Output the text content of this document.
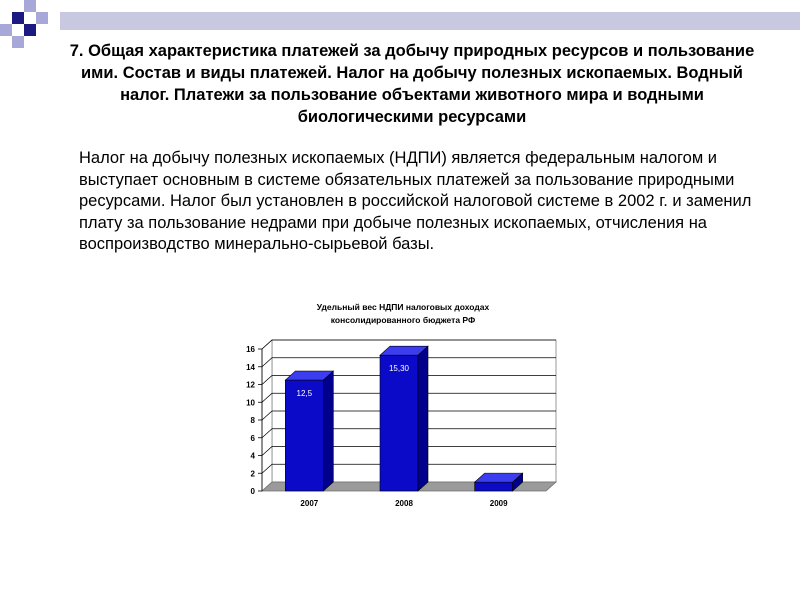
7. Общая характеристика платежей за добычу природных ресурсов и пользование ими. Состав и виды платежей. Налог на добычу полезных ископаемых. Водный налог. Платежи за пользование объектами животного мира и водными биологическими ресурсами

Налог на добычу полезных ископаемых (НДПИ) является федеральным налогом и выступает основным в системе обязательных платежей за пользование природными ресурсами. Налог был установлен в российской налоговой системе в 2002 г. и заменил плату за пользование недрами при добыче полезных ископаемых, отчисления на воспроизводство минерально-сырьевой базы.

Удельный вес НДПИ налоговых доходах
консолидированного бюджета РФ
0
2
4
6
8
10
12
14
16
12,5
2007
15,30
2008
1
2009
